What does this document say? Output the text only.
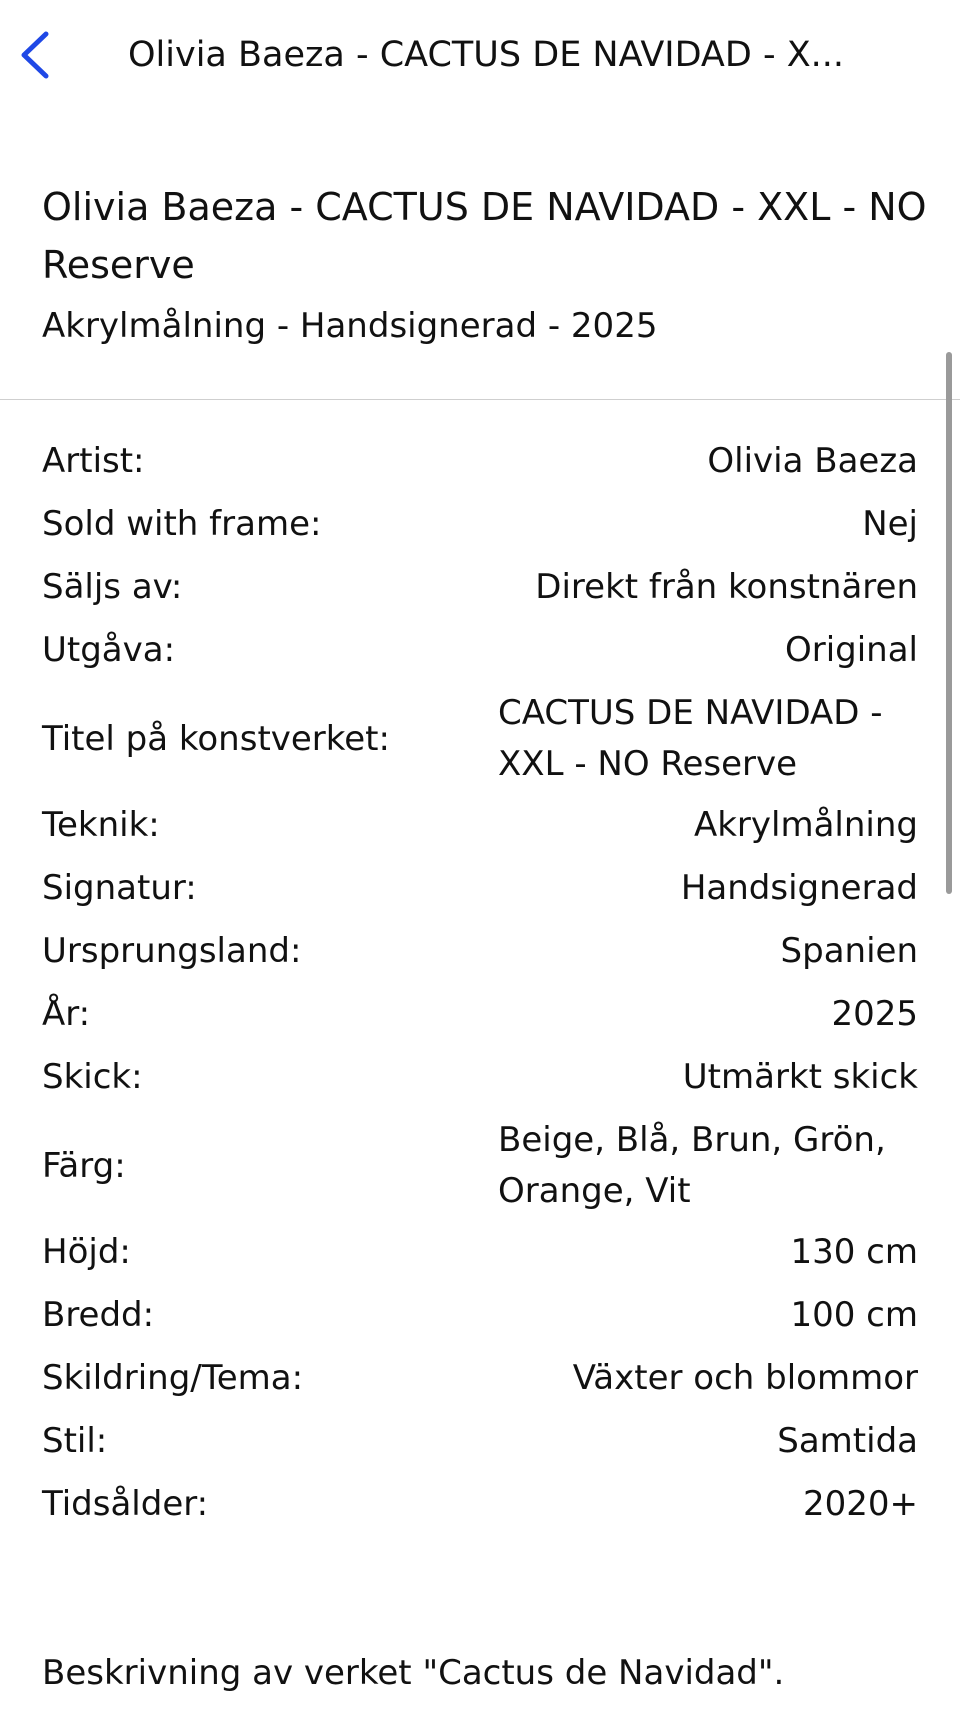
Olivia Baeza - CACTUS DE NAVIDAD - X...
Olivia Baeza - CACTUS DE NAVIDAD - XXL - NO Reserve
Akrylmålning - Handsignerad - 2025
Artist:	Olivia Baeza
Sold with frame:	Nej
Säljs av:	Direkt från konstnären
Utgåva:	Original
Titel på konstverket:
CACTUS DE NAVIDAD - XXL - NO Reserve
Teknik:	Akrylmålning
Signatur:	Handsignerad
Ursprungsland:	Spanien
År:	2025
Skick:	Utmärkt skick
Färg:
Beige, Blå, Brun, Grön, Orange, Vit
Höjd:	130 cm
Bredd:	100 cm
Skildring/Tema:	Växter och blommor
Stil:	Samtida
Tidsålder:	2020+
Beskrivning av verket "Cactus de Navidad".
